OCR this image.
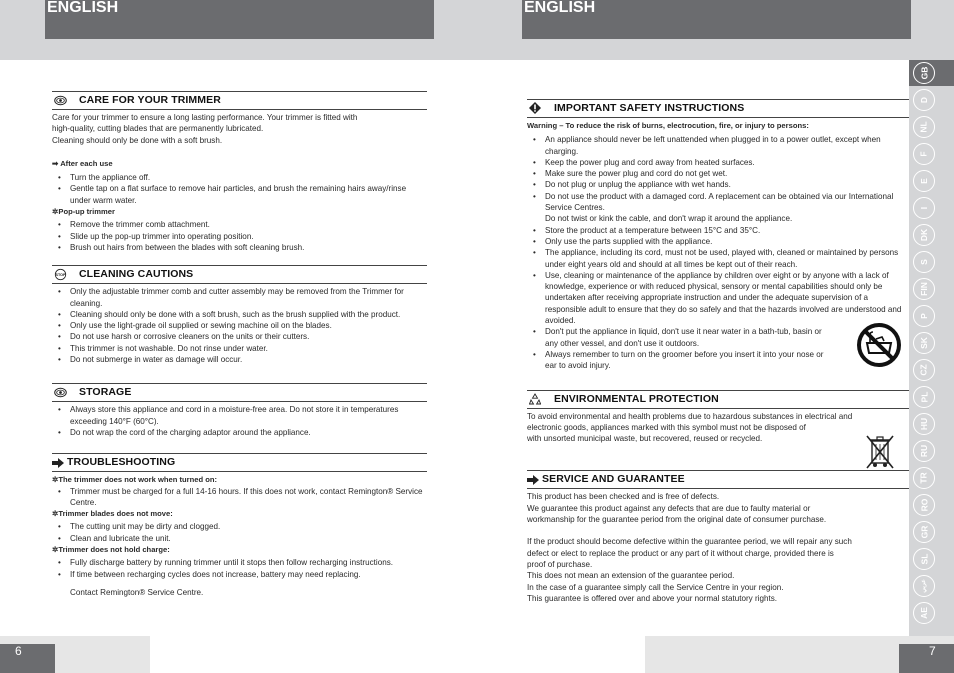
ENGLISH	ENGLISH
CARE FOR YOUR TRIMMER

Care for your trimmer to ensure a long lasting performance. Your trimmer is fitted with

high-quality, cutting blades that are permanently lubricated.

Cleaning should only be done with a soft brush.

➡ After each use

• Turn the appliance off.
• Gentle tap on a flat surface to remove hair particles, and brush the remaining hairs away/rinse under warm water.

✲Pop-up trimmer

• Remove the trimmer comb attachment.
• Slide up the pop-up trimmer into operating position.
• Brush out hairs from between the blades with soft cleaning brush.
STOP CLEANING CAUTIONS
• Only the adjustable trimmer comb and cutter assembly may be removed from the Trimmer for cleaning.
• Cleaning should only be done with a soft brush, such as the brush supplied with the product.
• Only use the light-grade oil supplied or sewing machine oil on the blades.
• Do not use harsh or corrosive cleaners on the units or their cutters.
• This trimmer is not washable. Do not rinse under water.
• Do not submerge in water as damage will occur.
STORAGE
• Always store this appliance and cord in a moisture-free area. Do not store it in temperatures exceeding 140°F (60°C).
• Do not wrap the cord of the charging adaptor around the appliance.
TROUBLESHOOTING

✲The trimmer does not work when turned on:

• Trimmer must be charged for a full 14-16 hours. If this does not work, contact Remington® Service Centre.

✲Trimmer blades does not move:

• The cutting unit may be dirty and clogged.
• Clean and lubricate the unit.

✲Trimmer does not hold charge:

• Fully discharge battery by running trimmer until it stops then follow recharging instructions.
• If time between recharging cycles does not increase, battery may need replacing.

Contact Remington® Service Centre.

IMPORTANT SAFETY INSTRUCTIONS

Warning – To reduce the risk of burns, electrocution, fire, or injury to persons:

• An appliance should never be left unattended when plugged in to a power outlet, except when charging.
• Keep the power plug and cord away from heated surfaces.
• Make sure the power plug and cord do not get wet.
• Do not plug or unplug the appliance with wet hands.
• Do not use the product with a damaged cord. A replacement can be obtained via our International Service Centres.

Do not twist or kink the cable, and don't wrap it around the appliance.

• Store the product at a temperature between 15°C and 35°C.
• Only use the parts supplied with the appliance.
• The appliance, including its cord, must not be used, played with, cleaned or maintained by persons under eight years old and should at all times be kept out of their reach.
• Use, cleaning or maintenance of the appliance by children over eight or by anyone with a lack of knowledge, experience or with reduced physical, sensory or mental capabilities should only be undertaken after receiving appropriate instruction and under the adequate supervision of a responsible adult to ensure that they do so safely and that the hazards involved are understood and avoided.
• Don't put the appliance in liquid, don't use it near water in a bath-tub, basin or any other vessel, and don't use it outdoors.
• Always remember to turn on the groomer before you insert it into your nose or ear to avoid injury.
ENVIRONMENTAL PROTECTION

To avoid environmental and health problems due to hazardous substances in electrical and

electronic goods, appliances marked with this symbol must not be disposed of

with unsorted municipal waste, but recovered, reused or recycled.

SERVICE AND GUARANTEE

This product has been checked and is free of defects.

We guarantee this product against any defects that are due to faulty material or

workmanship for the guarantee period from the original date of consumer purchase.

If the product should become defective within the guarantee period, we will repair any such

defect or elect to replace the product or any part of it without charge, provided there is

proof of purchase.

This does not mean an extension of the guarantee period.

In the case of a guarantee simply call the Service Centre in your region.

This guarantee is offered over and above your normal statutory rights.

GB
D
NL
F
E
I
DK
S
FIN
P
SK
CZ
PL
HU
RU
TR
RO
GR
SL
عربي
AE
6	7
